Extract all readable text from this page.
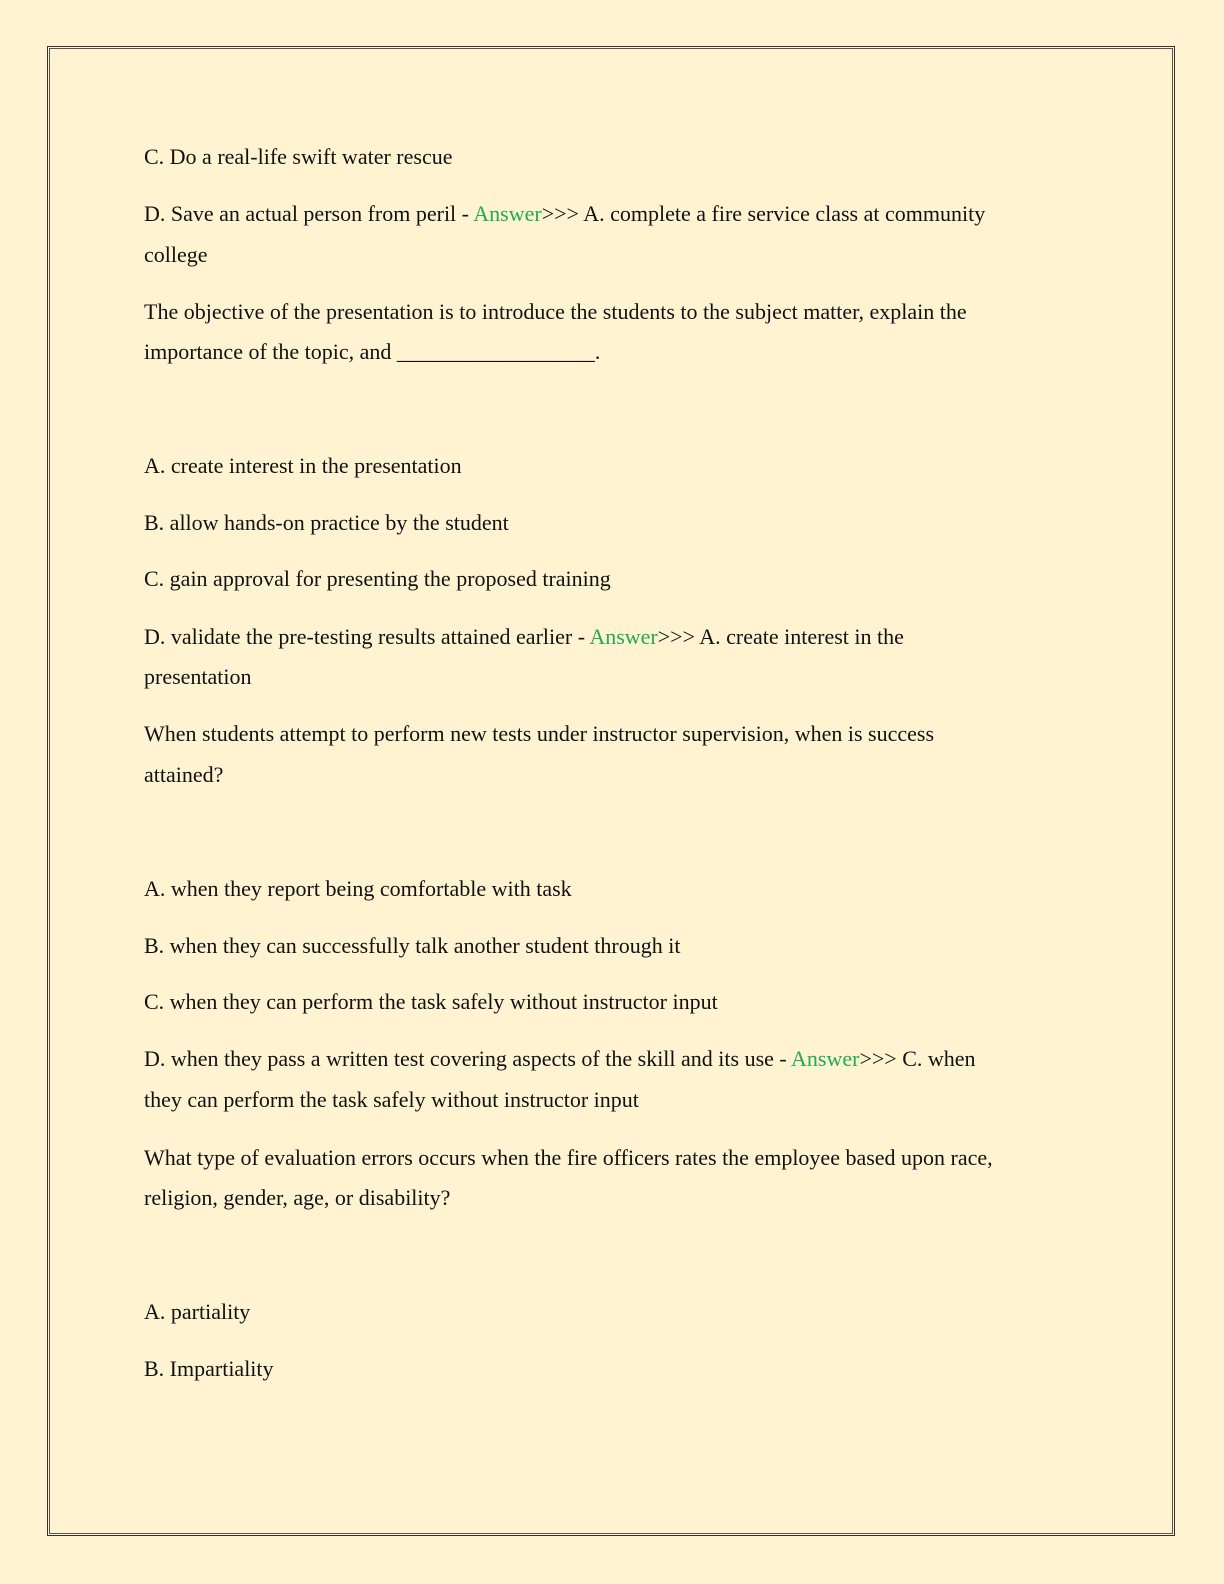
C. Do a real-life swift water rescue
D. Save an actual person from peril - Answer>>> A. complete a fire service class at community
college
The objective of the presentation is to introduce the students to the subject matter, explain the
importance of the topic, and __________________.
A. create interest in the presentation
B. allow hands-on practice by the student
C. gain approval for presenting the proposed training
D. validate the pre-testing results attained earlier - Answer>>> A. create interest in the
presentation
When students attempt to perform new tests under instructor supervision, when is success
attained?
A. when they report being comfortable with task
B. when they can successfully talk another student through it
C. when they can perform the task safely without instructor input
D. when they pass a written test covering aspects of the skill and its use - Answer>>> C. when
they can perform the task safely without instructor input
What type of evaluation errors occurs when the fire officers rates the employee based upon race,
religion, gender, age, or disability?
A. partiality
B. Impartiality
